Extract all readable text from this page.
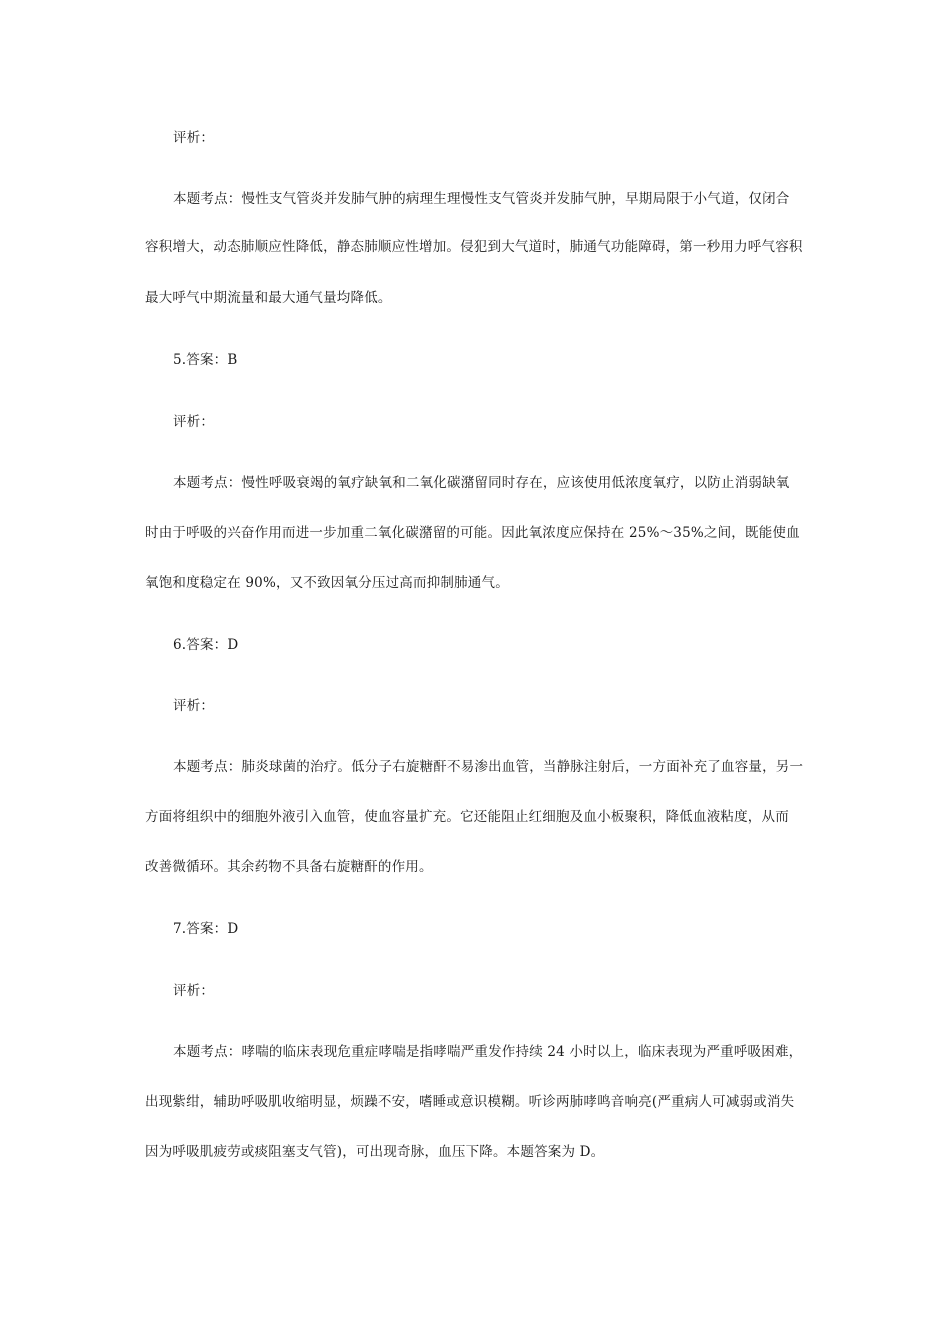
评析：
本题考点：慢性支气管炎并发肺气肿的病理生理慢性支气管炎并发肺气肿，早期局限于小气道，仅闭合
容积增大，动态肺顺应性降低，静态肺顺应性增加。侵犯到大气道时，肺通气功能障碍，第一秒用力呼气容积
最大呼气中期流量和最大通气量均降低。
5.答案：B
评析：
本题考点：慢性呼吸衰竭的氧疗缺氧和二氧化碳潴留同时存在，应该使用低浓度氧疗，以防止消弱缺氧
时由于呼吸的兴奋作用而进一步加重二氧化碳潴留的可能。因此氧浓度应保持在 25%～35%之间，既能使血
氧饱和度稳定在 90%，又不致因氧分压过高而抑制肺通气。
6.答案：D
评析：
本题考点：肺炎球菌的治疗。低分子右旋糖酐不易渗出血管，当静脉注射后，一方面补充了血容量，另一
方面将组织中的细胞外液引入血管，使血容量扩充。它还能阻止红细胞及血小板聚积，降低血液粘度，从而
改善微循环。其余药物不具备右旋糖酐的作用。
7.答案：D
评析：
本题考点：哮喘的临床表现危重症哮喘是指哮喘严重发作持续 24 小时以上，临床表现为严重呼吸困难，
出现紫绀，辅助呼吸肌收缩明显，烦躁不安，嗜睡或意识模糊。听诊两肺哮鸣音响亮(严重病人可减弱或消失
因为呼吸肌疲劳或痰阻塞支气管)，可出现奇脉，血压下降。本题答案为 D。
